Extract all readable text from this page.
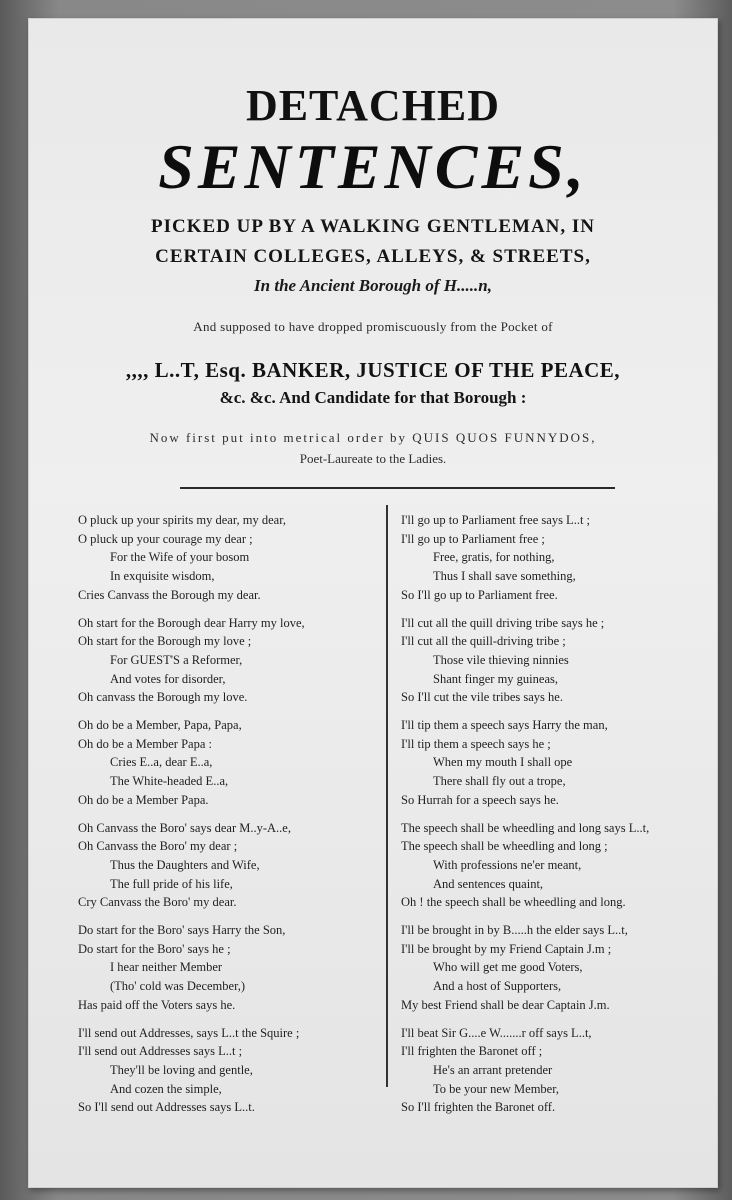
DETACHED
SENTENCES,
PICKED UP BY A WALKING GENTLEMAN, IN
CERTAIN COLLEGES, ALLEYS, & STREETS,
In the Ancient Borough of H.....n,
And supposed to have dropped promiscuously from the Pocket of
,,,, L..T, Esq. BANKER, JUSTICE OF THE PEACE,
&c. &c. And Candidate for that Borough :
Now first put into metrical order by QUIS QUOS FUNNYDOS,
Poet-Laureate to the Ladies.
O pluck up your spirits my dear, my dear,
O pluck up your courage my dear ;
For the Wife of your bosom
In exquisite wisdom,
Cries Canvass the Borough my dear.
Oh start for the Borough dear Harry my love,
Oh start for the Borough my love ;
For GUEST'S a Reformer,
And votes for disorder,
Oh canvass the Borough my love.
Oh do be a Member, Papa, Papa,
Oh do be a Member Papa :
Cries E..a, dear E..a,
The White-headed E..a,
Oh do be a Member Papa.
Oh Canvass the Boro' says dear M..y-A..e,
Oh Canvass the Boro' my dear ;
Thus the Daughters and Wife,
The full pride of his life,
Cry Canvass the Boro' my dear.
Do start for the Boro' says Harry the Son,
Do start for the Boro' says he ;
I hear neither Member
(Tho' cold was December,)
Has paid off the Voters says he.
I'll send out Addresses, says L..t the Squire ;
I'll send out Addresses says L..t ;
They'll be loving and gentle,
And cozen the simple,
So I'll send out Addresses says L..t.
I'll go up to Parliament free says L..t ;
I'll go up to Parliament free ;
Free, gratis, for nothing,
Thus I shall save something,
So I'll go up to Parliament free.
I'll cut all the quill driving tribe says he ;
I'll cut all the quill-driving tribe ;
Those vile thieving ninnies
Shant finger my guineas,
So I'll cut the vile tribes says he.
I'll tip them a speech says Harry the man,
I'll tip them a speech says he ;
When my mouth I shall ope
There shall fly out a trope,
So Hurrah for a speech says he.
The speech shall be wheedling and long says L..t,
The speech shall be wheedling and long ;
With professions ne'er meant,
And sentences quaint,
Oh ! the speech shall be wheedling and long.
I'll be brought in by B.....h the elder says L..t,
I'll be brought by my Friend Captain J.m ;
Who will get me good Voters,
And a host of Supporters,
My best Friend shall be dear Captain J.m.
I'll beat Sir G....e W.......r off says L..t,
I'll frighten the Baronet off ;
He's an arrant pretender
To be your new Member,
So I'll frighten the Baronet off.
